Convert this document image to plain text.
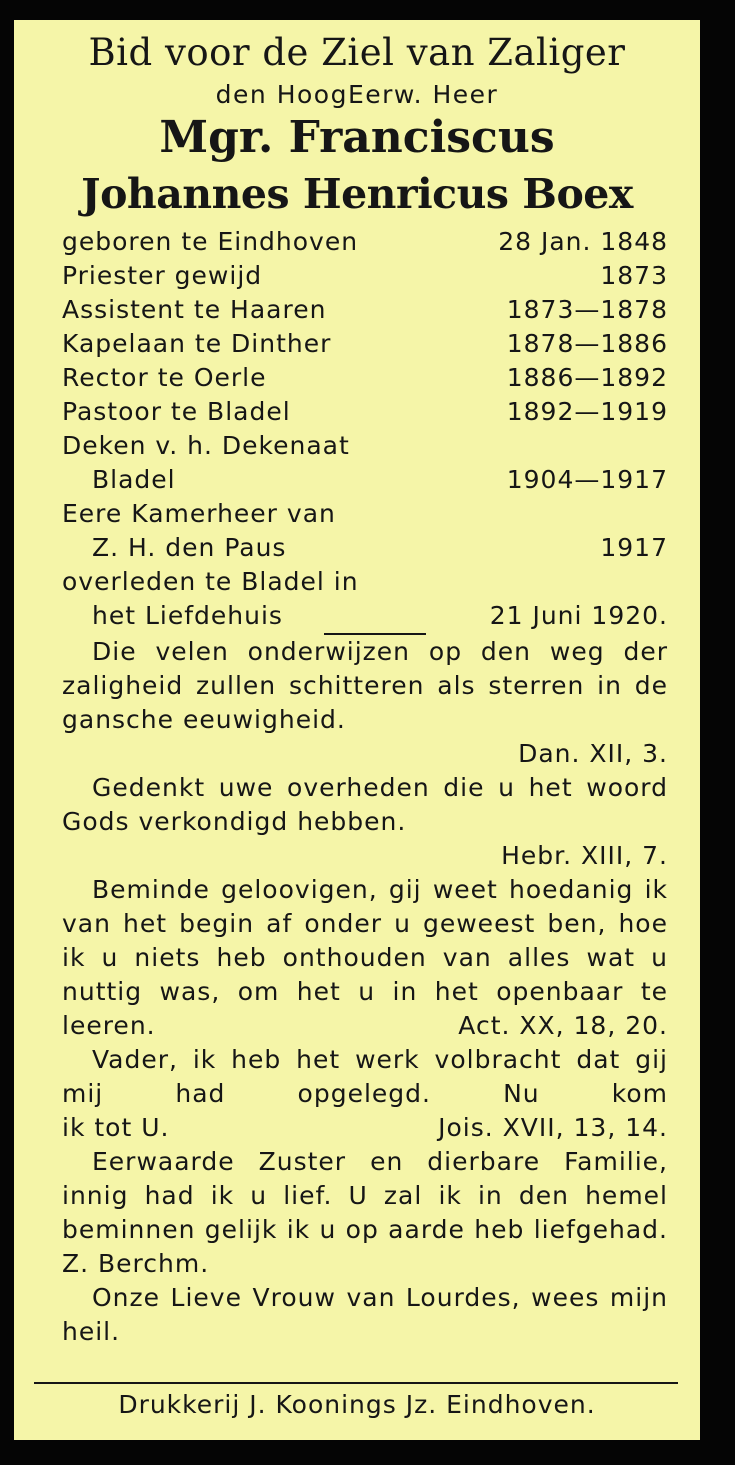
Bid voor de Ziel van Zaliger
den HoogEerw. Heer
Mgr. Franciscus
Johannes Henricus Boex
geboren te Eindhoven	28 Jan. 1848
Priester gewijd	1873
Assistent te Haaren	1873—1878
Kapelaan te Dinther	1878—1886
Rector te Oerle	1886—1892
Pastoor te Bladel	1892—1919
Deken v. h. Dekenaat
Bladel	1904—1917
Eere Kamerheer van
Z. H. den Paus	1917
overleden te Bladel in
het Liefdehuis	21 Juni 1920.
Die velen onderwijzen op den weg der zaligheid zullen schitteren als sterren in de gansche eeuwigheid.
Dan. XII, 3.
Gedenkt uwe overheden die u het woord Gods verkondigd hebben.
Hebr. XIII, 7.
Beminde geloovigen, gij weet hoedanig ik van het begin af onder u geweest ben, hoe ik u niets heb onthouden van alles wat u nuttig was, om het u in het openbaar te
leeren.	Act. XX, 18, 20.
Vader, ik heb het werk volbracht dat gij mij had opgelegd. Nu kom
ik tot U.	Jois. XVII, 13, 14.
Eerwaarde Zuster en dierbare Familie, innig had ik u lief. U zal ik in den hemel beminnen gelijk ik u op aarde heb liefgehad. Z. Berchm.
Onze Lieve Vrouw van Lourdes, wees mijn heil.
Drukkerij J. Koonings Jz. Eindhoven.
